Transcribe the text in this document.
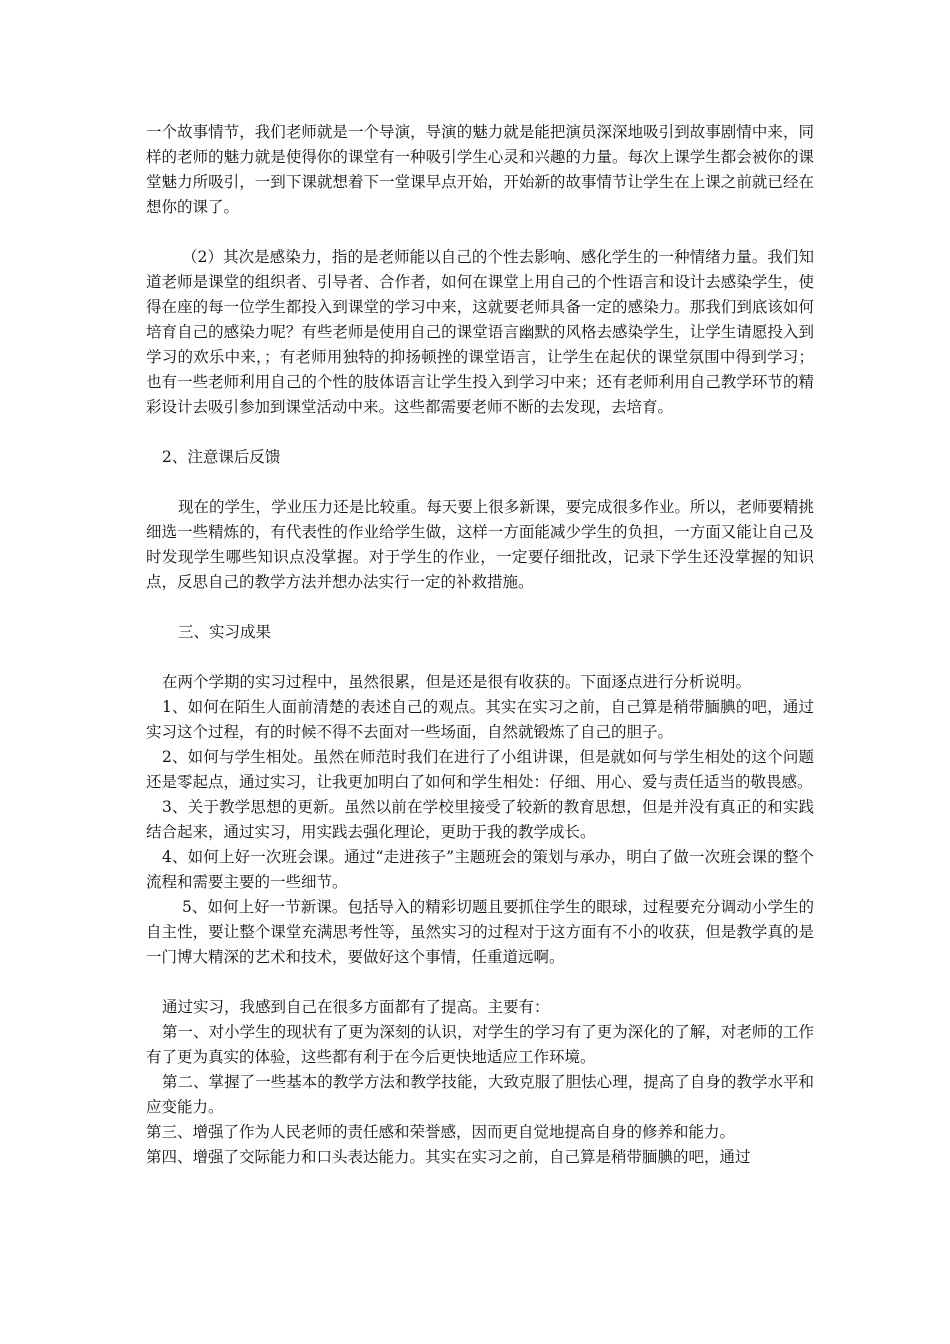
一个故事情节，我们老师就是一个导演，导演的魅力就是能把演员深深地吸引到故事剧情中来，同样的老师的魅力就是使得你的课堂有一种吸引学生心灵和兴趣的力量。每次上课学生都会被你的课堂魅力所吸引，一到下课就想着下一堂课早点开始，开始新的故事情节让学生在上课之前就已经在想你的课了。

（2）其次是感染力，指的是老师能以自己的个性去影响、感化学生的一种情绪力量。我们知道老师是课堂的组织者、引导者、合作者，如何在课堂上用自己的个性语言和设计去感染学生，使得在座的每一位学生都投入到课堂的学习中来，这就要老师具备一定的感染力。那我们到底该如何培育自己的感染力呢？有些老师是使用自己的课堂语言幽默的风格去感染学生，让学生请愿投入到学习的欢乐中来，；有老师用独特的抑扬顿挫的课堂语言，让学生在起伏的课堂氛围中得到学习；也有一些老师利用自己的个性的肢体语言让学生投入到学习中来；还有老师利用自己教学环节的精彩设计去吸引参加到课堂活动中来。这些都需要老师不断的去发现，去培育。

2、注意课后反馈

现在的学生，学业压力还是比较重。每天要上很多新课，要完成很多作业。所以，老师要精挑细选一些精炼的，有代表性的作业给学生做，这样一方面能减少学生的负担，一方面又能让自己及时发现学生哪些知识点没掌握。对于学生的作业，一定要仔细批改，记录下学生还没掌握的知识点，反思自己的教学方法并想办法实行一定的补救措施。

三、实习成果

在两个学期的实习过程中，虽然很累，但是还是很有收获的。下面逐点进行分析说明。

1、如何在陌生人面前清楚的表述自己的观点。其实在实习之前，自己算是稍带腼腆的吧，通过实习这个过程，有的时候不得不去面对一些场面，自然就锻炼了自己的胆子。

2、如何与学生相处。虽然在师范时我们在进行了小组讲课，但是就如何与学生相处的这个问题还是零起点，通过实习，让我更加明白了如何和学生相处：仔细、用心、爱与责任适当的敬畏感。

3、关于教学思想的更新。虽然以前在学校里接受了较新的教育思想，但是并没有真正的和实践结合起来，通过实习，用实践去强化理论，更助于我的教学成长。

4、如何上好一次班会课。通过“走进孩子”主题班会的策划与承办，明白了做一次班会课的整个流程和需要主要的一些细节。

5、如何上好一节新课。包括导入的精彩切题且要抓住学生的眼球，过程要充分调动小学生的自主性，要让整个课堂充满思考性等，虽然实习的过程对于这方面有不小的收获，但是教学真的是一门博大精深的艺术和技术，要做好这个事情，任重道远啊。

通过实习，我感到自己在很多方面都有了提高。主要有：

第一、对小学生的现状有了更为深刻的认识，对学生的学习有了更为深化的了解，对老师的工作有了更为真实的体验，这些都有利于在今后更快地适应工作环境。

第二、掌握了一些基本的教学方法和教学技能，大致克服了胆怯心理，提高了自身的教学水平和应变能力。

第三、增强了作为人民老师的责任感和荣誉感，因而更自觉地提高自身的修养和能力。

第四、增强了交际能力和口头表达能力。其实在实习之前，自己算是稍带腼腆的吧，通过
